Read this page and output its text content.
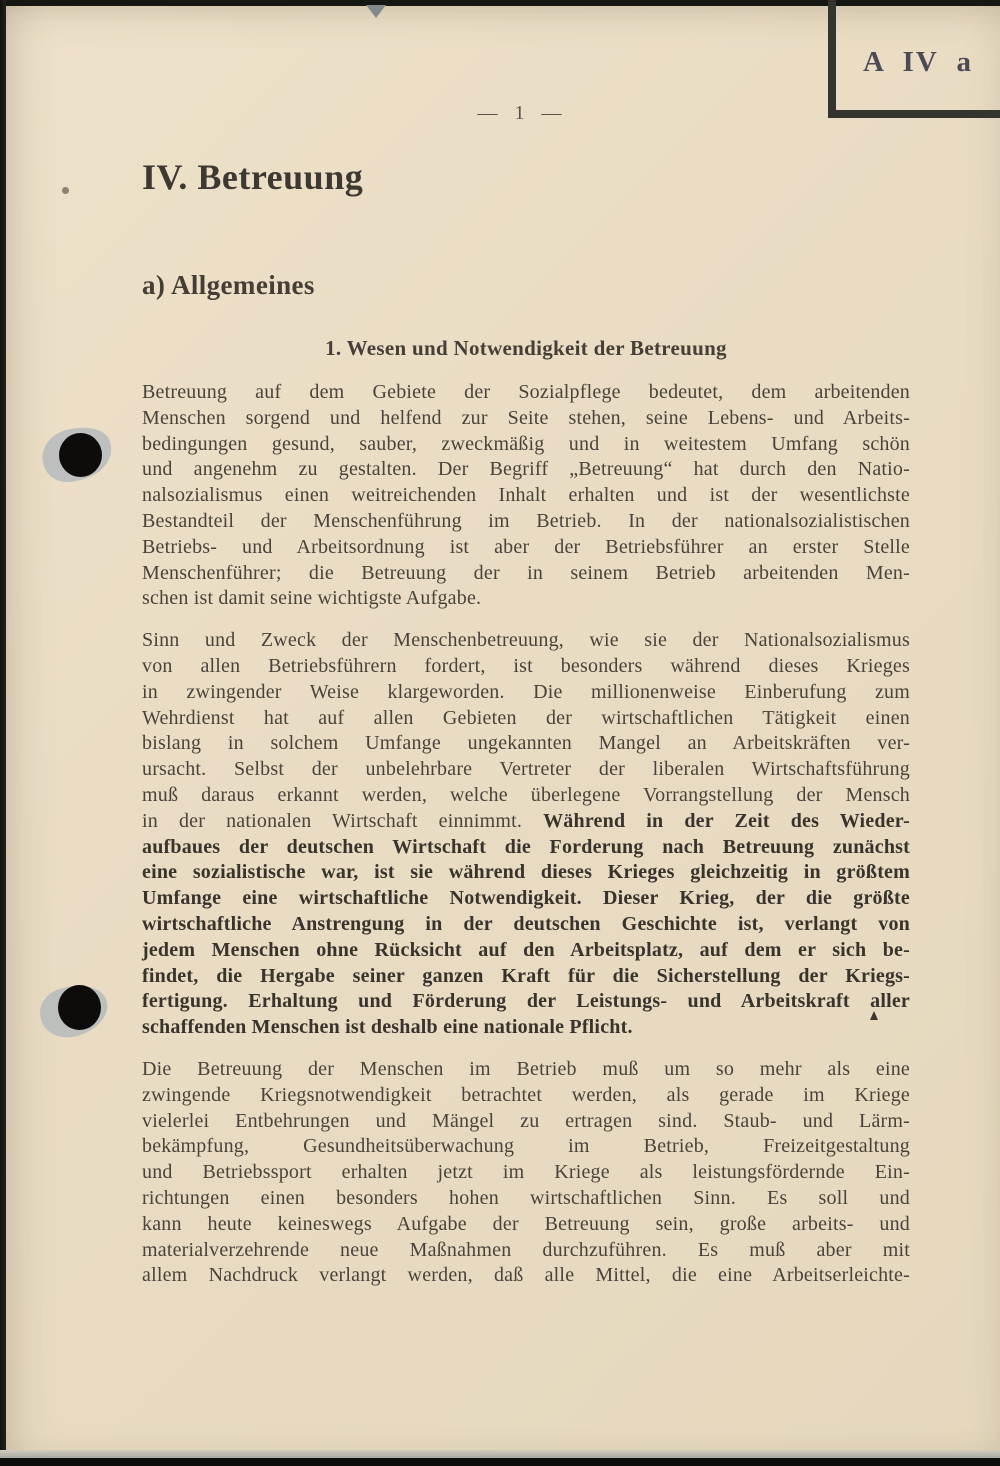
A IV a
— 1 —
IV. Betreuung
a) Allgemeines
1. Wesen und Notwendigkeit der Betreuung
Betreuung auf dem Gebiete der Sozialpflege bedeutet, dem arbeitenden
Menschen sorgend und helfend zur Seite stehen, seine Lebens- und Arbeits-
bedingungen gesund, sauber, zweckmäßig und in weitestem Umfang schön
und angenehm zu gestalten. Der Begriff „Betreuung“ hat durch den Natio-
nalsozialismus einen weitreichenden Inhalt erhalten und ist der wesentlichste
Bestandteil der Menschenführung im Betrieb. In der nationalsozialistischen
Betriebs- und Arbeitsordnung ist aber der Betriebsführer an erster Stelle
Menschenführer; die Betreuung der in seinem Betrieb arbeitenden Men-
schen ist damit seine wichtigste Aufgabe.
Sinn und Zweck der Menschenbetreuung, wie sie der Nationalsozialismus
von allen Betriebsführern fordert, ist besonders während dieses Krieges
in zwingender Weise klargeworden. Die millionenweise Einberufung zum
Wehrdienst hat auf allen Gebieten der wirtschaftlichen Tätigkeit einen
bislang in solchem Umfange ungekannten Mangel an Arbeitskräften ver-
ursacht. Selbst der unbelehrbare Vertreter der liberalen Wirtschaftsführung
muß daraus erkannt werden, welche überlegene Vorrangstellung der Mensch
in der nationalen Wirtschaft einnimmt. Während in der Zeit des Wieder-
aufbaues der deutschen Wirtschaft die Forderung nach Betreuung zunächst
eine sozialistische war, ist sie während dieses Krieges gleichzeitig in größtem
Umfange eine wirtschaftliche Notwendigkeit. Dieser Krieg, der die größte
wirtschaftliche Anstrengung in der deutschen Geschichte ist, verlangt von
jedem Menschen ohne Rücksicht auf den Arbeitsplatz, auf dem er sich be-
findet, die Hergabe seiner ganzen Kraft für die Sicherstellung der Kriegs-
fertigung. Erhaltung und Förderung der Leistungs- und Arbeitskraft aller
schaffenden Menschen ist deshalb eine nationale Pflicht.
Die Betreuung der Menschen im Betrieb muß um so mehr als eine
zwingende Kriegsnotwendigkeit betrachtet werden, als gerade im Kriege
vielerlei Entbehrungen und Mängel zu ertragen sind. Staub- und Lärm-
bekämpfung, Gesundheitsüberwachung im Betrieb, Freizeitgestaltung
und Betriebssport erhalten jetzt im Kriege als leistungsfördernde Ein-
richtungen einen besonders hohen wirtschaftlichen Sinn. Es soll und
kann heute keineswegs Aufgabe der Betreuung sein, große arbeits- und
materialverzehrende neue Maßnahmen durchzuführen. Es muß aber mit
allem Nachdruck verlangt werden, daß alle Mittel, die eine Arbeitserleichte-
